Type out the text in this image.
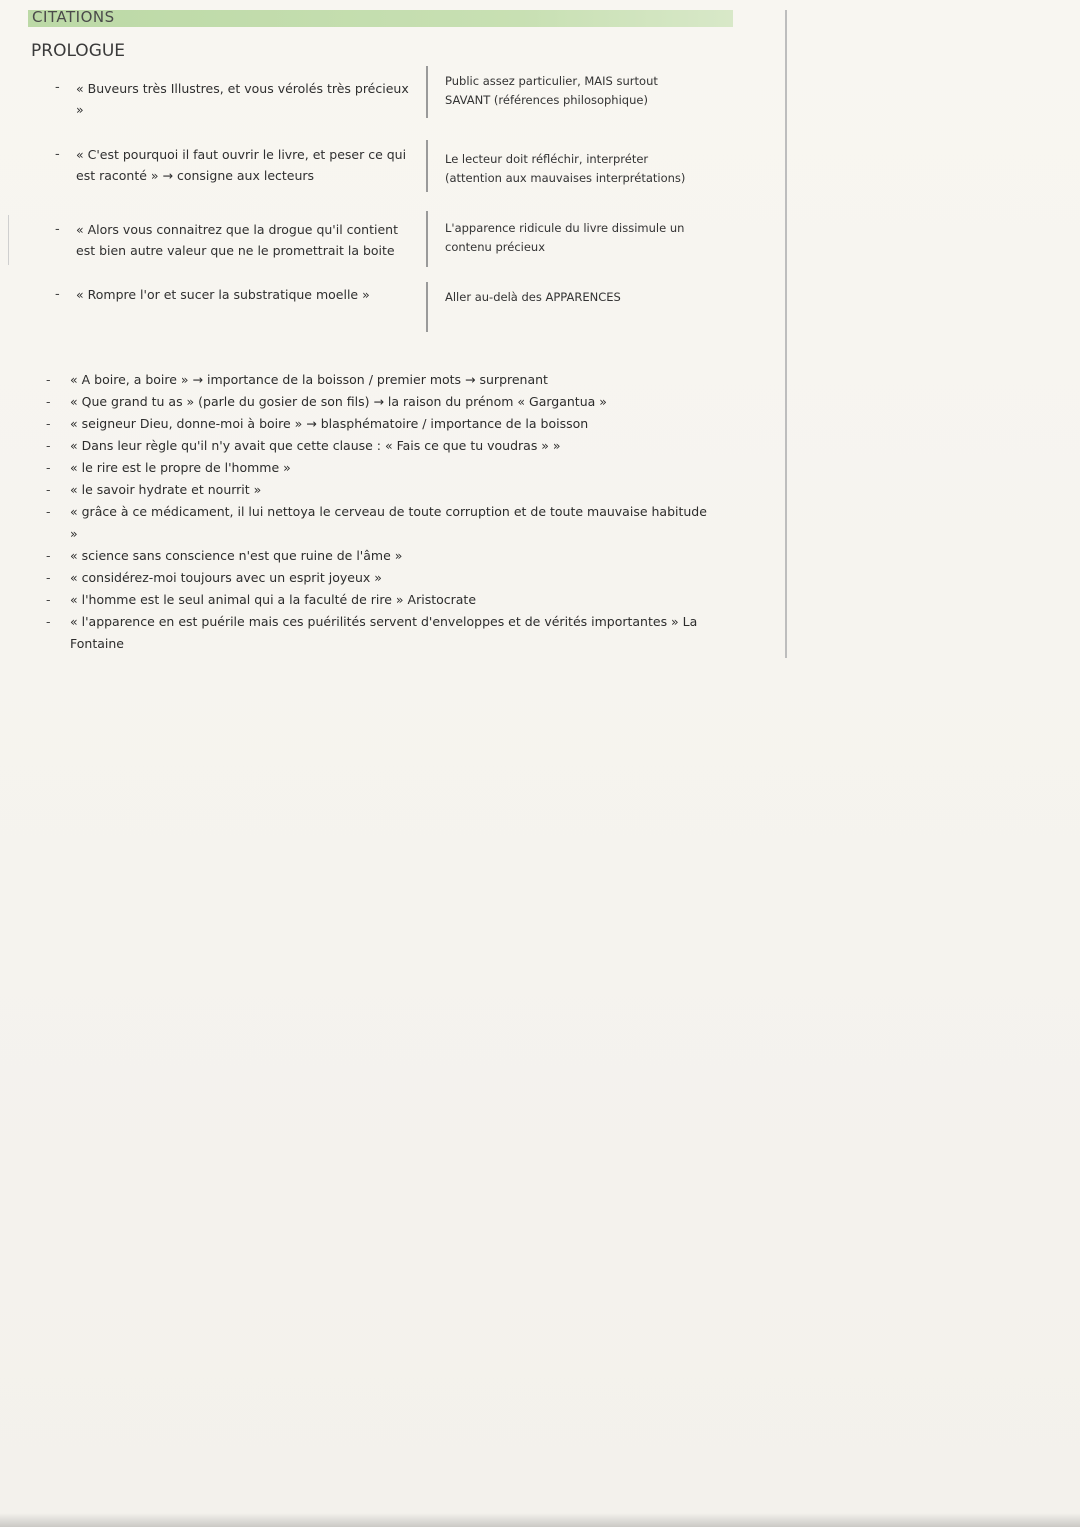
CITATIONS
PROLOGUE
- « Buveurs très Illustres, et vous vérolés très précieux »
Public assez particulier, MAIS surtout SAVANT (références philosophique)
- « C'est pourquoi il faut ouvrir le livre, et peser ce qui est raconté » → consigne aux lecteurs
Le lecteur doit réfléchir, interpréter (attention aux mauvaises interprétations)
- « Alors vous connaitrez que la drogue qu'il contient est bien autre valeur que ne le promettrait la boite
L'apparence ridicule du livre dissimule un contenu précieux
- « Rompre l'or et sucer la substratique moelle »	Aller au-delà des APPARENCES
- « A boire, a boire » → importance de la boisson / premier mots → surprenant
- « Que grand tu as » (parle du gosier de son fils) → la raison du prénom « Gargantua »
- « seigneur Dieu, donne-moi à boire » → blasphématoire / importance de la boisson
- « Dans leur règle qu'il n'y avait que cette clause : « Fais ce que tu voudras » »
- « le rire est le propre de l'homme »
- « le savoir hydrate et nourrit »
- « grâce à ce médicament, il lui nettoya le cerveau de toute corruption et de toute mauvaise habitude »
- « science sans conscience n'est que ruine de l'âme »
- « considérez-moi toujours avec un esprit joyeux »
- « l'homme est le seul animal qui a la faculté de rire » Aristocrate
- « l'apparence en est puérile mais ces puérilités servent d'enveloppes et de vérités importantes » La Fontaine
